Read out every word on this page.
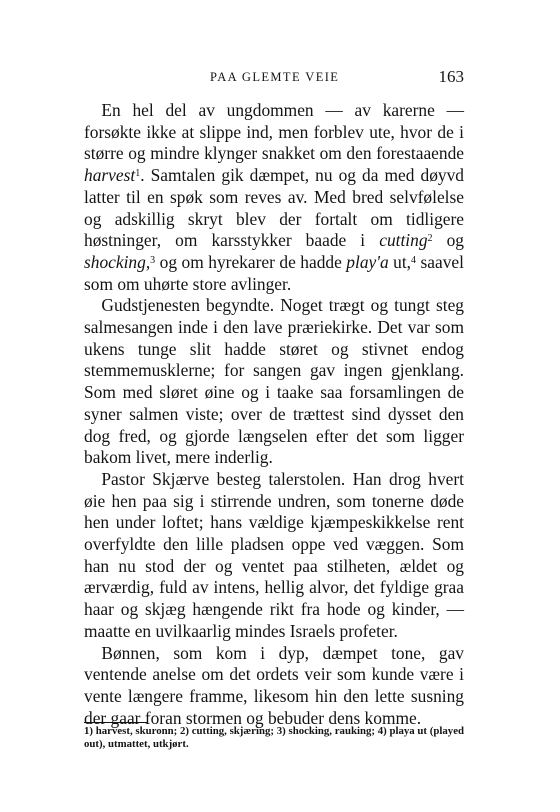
PAA GLEMTE VEIE	163

En hel del av ungdommen — av karerne — forsøkte ikke at slippe ind, men forblev ute, hvor de i større og mindre klynger snakket om den forestaaende harvest$^1$. Samtalen gik dæmpet, nu og da med døyvd latter til en spøk som reves av. Med bred selvfølelse og adskillig skryt blev der fortalt om tidligere høstninger, om karsstykker baade i cutting$^2$ og shocking,$^3$ og om hyrekarer de hadde play'a ut,$^4$ saavel som om uhørte store avlinger.

Gudstjenesten begyndte. Noget trægt og tungt steg salmesangen inde i den lave præriekirke. Det var som ukens tunge slit hadde støret og stivnet endog stemmemusklerne; for sangen gav ingen gjenklang. Som med sløret øine og i taake saa forsamlingen de syner salmen viste; over de trættest sind dysset den dog fred, og gjorde længselen efter det som ligger bakom livet, mere inderlig.

Pastor Skjærve besteg talerstolen. Han drog hvert øie hen paa sig i stirrende undren, som tonerne døde hen under loftet; hans vældige kjæmpeskikkelse rent overfyldte den lille pladsen oppe ved væggen. Som han nu stod der og ventet paa stilheten, ældet og ærværdig, fuld av intens, hellig alvor, det fyldige graa haar og skjæg hængende rikt fra hode og kinder, — maatte en uvilkaarlig mindes Israels profeter.

Bønnen, som kom i dyp, dæmpet tone, gav ventende anelse om det ordets veir som kunde være i vente længere framme, likesom hin den lette susning der gaar foran stormen og bebuder dens komme.

1) harvest, skuronn; 2) cutting, skjæring; 3) shocking, rauking; 4) playa ut (played out), utmattet, utkjørt.
